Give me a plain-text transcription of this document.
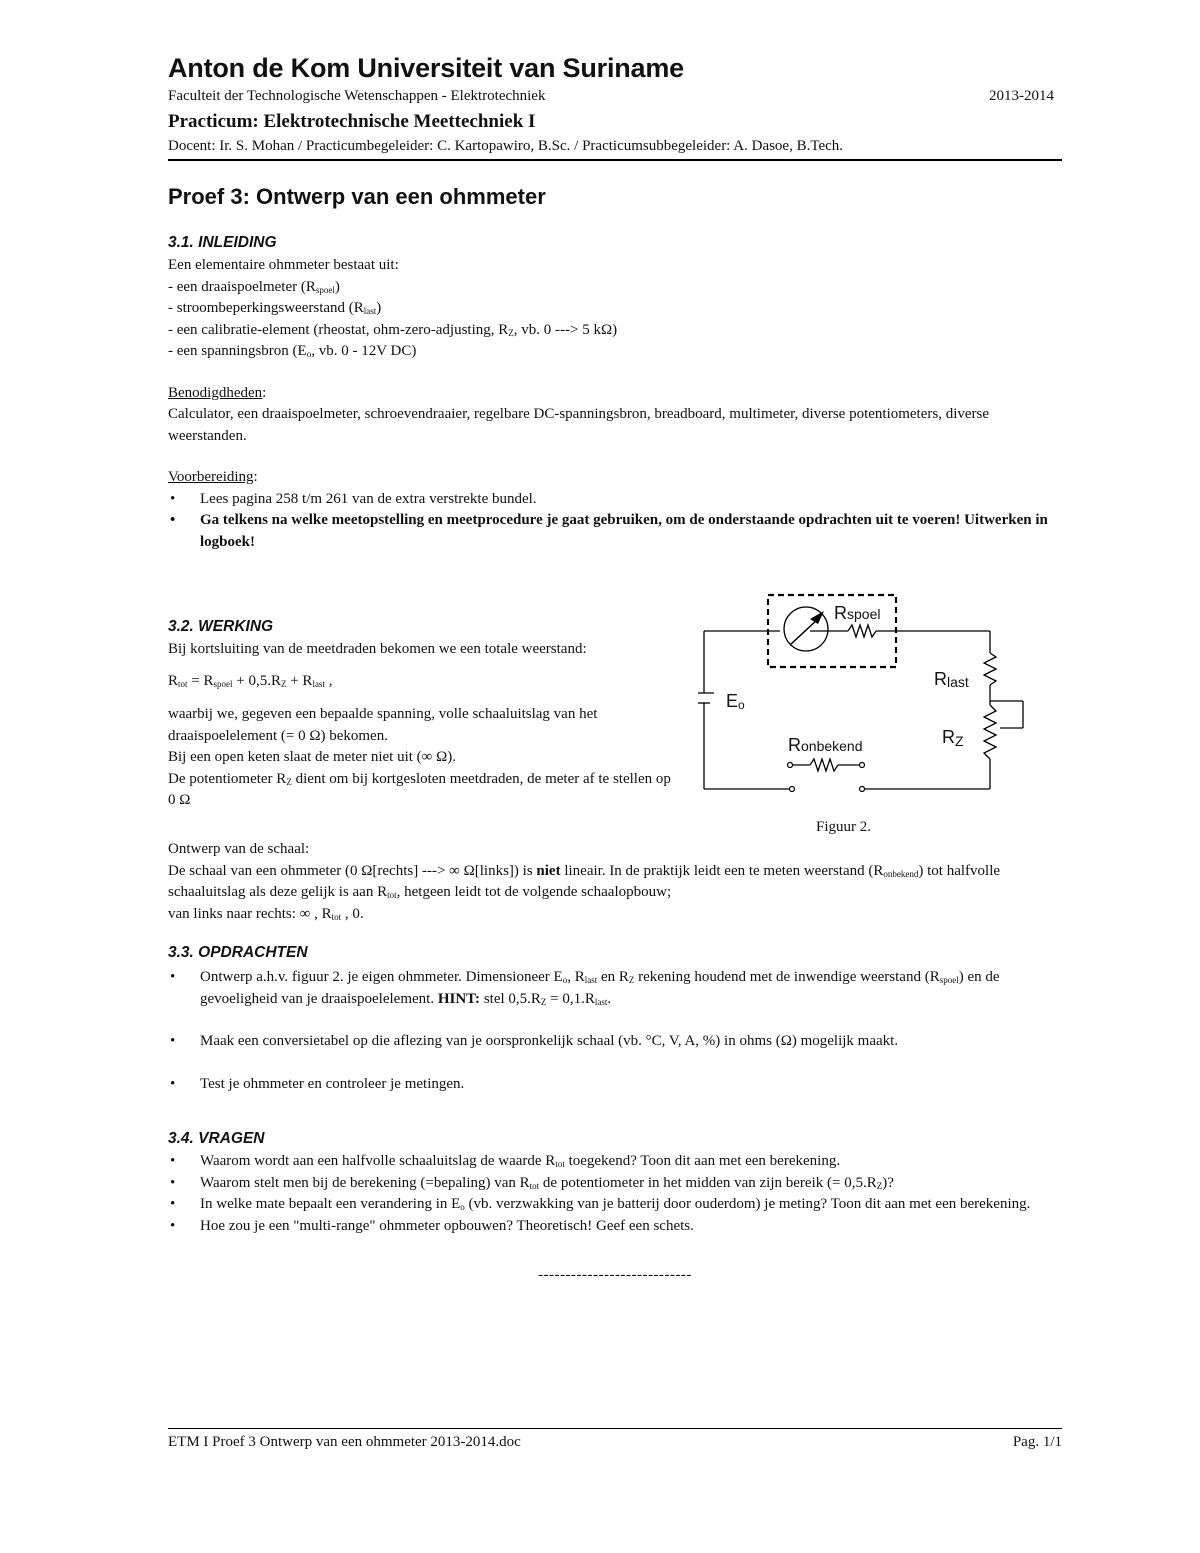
Anton de Kom Universiteit van Suriname
Faculteit der Technologische Wetenschappen - Elektrotechniek	2013-2014
Practicum: Elektrotechnische Meettechniek I
Docent: Ir. S. Mohan / Practicumbegeleider: C. Kartopawiro, B.Sc. / Practicumsubbegeleider: A. Dasoe, B.Tech.
Proef 3: Ontwerp van een ohmmeter
3.1. INLEIDING

Een elementaire ohmmeter bestaat uit:

- een draaispoelmeter $(R_{spoel})$

- stroombeperkingsweerstand $(R_{last})$

- een calibratie-element (rheostat, ohm-zero-adjusting, $R_Z$, vb. 0 ---> 5 kΩ)

- een spanningsbron ($E_o$, vb. 0 - 12V DC)

Benodigdheden:

Calculator, een draaispoelmeter, schroevendraaier, regelbare DC-spanningsbron, breadboard, multimeter, diverse potentiometers, diverse weerstanden.

Voorbereiding:

• Lees pagina 258 t/m 261 van de extra verstrekte bundel.
• Ga telkens na welke meetopstelling en meetprocedure je gaat gebruiken, om de onderstaande opdrachten uit te voeren! Uitwerken in logboek!
3.2. WERKING

Bij kortsluiting van de meetdraden bekomen we een totale weerstand:

$R_{tot} = R_{spoel} + 0,5.R_Z + R_{last}$ ,

waarbij we, gegeven een bepaalde spanning, volle schaaluitslag van het draaispoelelement (= 0 Ω) bekomen.

Bij een open keten slaat de meter niet uit (∞ Ω).

De potentiometer $R_Z$ dient om bij kortgesloten meetdraden, de meter af te stellen op 0 Ω

Rspoel
Rlast
RZ
Eo
Ronbekend
Figuur 2.

Ontwerp van de schaal:

De schaal van een ohmmeter (0 Ω[rechts] ---> ∞ Ω[links]) is niet lineair. In de praktijk leidt een te meten weerstand $(R_{onbekend})$ tot halfvolle schaaluitslag als deze gelijk is aan $R_{tot}$, hetgeen leidt tot de volgende schaalopbouw;

van links naar rechts: ∞ , $R_{tot}$ , 0.

3.3. OPDRACHTEN
• Ontwerp a.h.v. figuur 2. je eigen ohmmeter. Dimensioneer $E_o$, $R_{last}$ en $R_Z$ rekening houdend met de inwendige weerstand $(R_{spoel})$ en de gevoeligheid van je draaispoelelement. HINT: stel $0,5.R_Z = 0,1.R_{last}$.
• Maak een conversietabel op die aflezing van je oorspronkelijk schaal (vb. °C, V, A, %) in ohms (Ω) mogelijk maakt.
• Test je ohmmeter en controleer je metingen.
3.4. VRAGEN
• Waarom wordt aan een halfvolle schaaluitslag de waarde $R_{tot}$ toegekend? Toon dit aan met een berekening.
• Waarom stelt men bij de berekening (=bepaling) van $R_{tot}$ de potentiometer in het midden van zijn bereik (= $0,5.R_Z$)?
• In welke mate bepaalt een verandering in $E_o$ (vb. verzwakking van je batterij door ouderdom) je meting? Toon dit aan met een berekening.
• Hoe zou je een "multi-range" ohmmeter opbouwen? Theoretisch! Geef een schets.
----------------------------
ETM I Proef 3 Ontwerp van een ohmmeter 2013-2014.doc	Pag. 1/1
